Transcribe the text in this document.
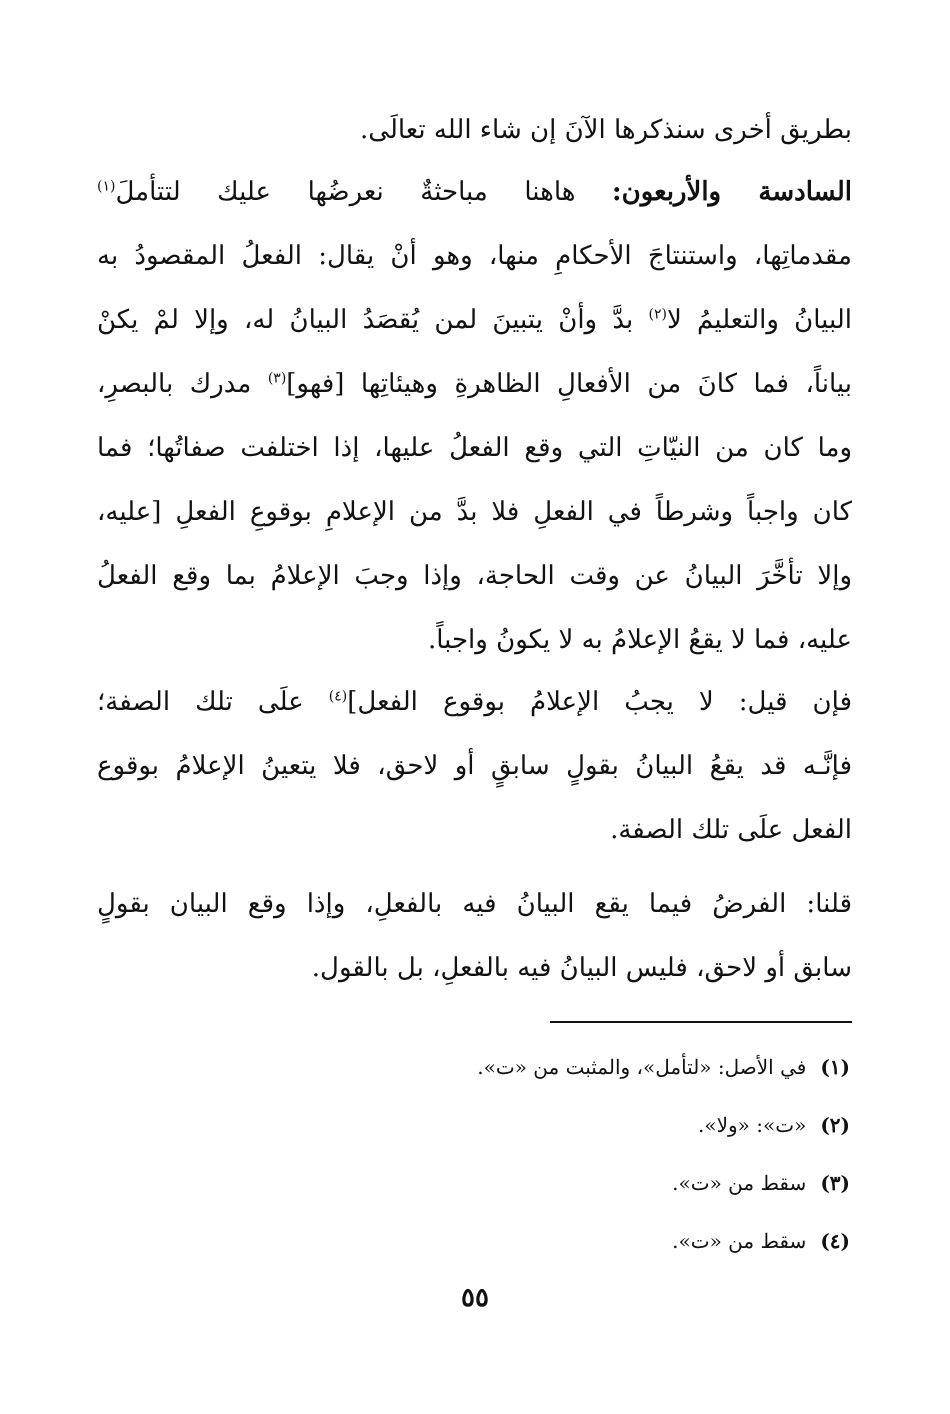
بطريق أخرى سنذكرها الآنَ إن شاء الله تعالَى.
السادسة والأربعون: هاهنا مباحثةٌ نعرضُها عليك لتتأملَ$^{(١)}$
مقدماتِها، واستنتاجَ الأحكامِ منها، وهو أنْ يقال: الفعلُ المقصودُ به
البيانُ والتعليمُ لا$^{(٢)}$ بدَّ وأنْ يتبينَ لمن يُقصَدُ البيانُ له، وإلا لمْ يكنْ
بياناً، فما كانَ من الأفعالِ الظاهرةِ وهيئاتِها [فهو]$^{(٣)}$ مدرك بالبصرِ،
وما كان من النيّاتِ التي وقع الفعلُ عليها، إذا اختلفت صفاتُها؛ فما
كان واجباً وشرطاً في الفعلِ فلا بدَّ من الإعلامِ بوقوعِ الفعلِ [عليه،
وإلا تأخَّرَ البيانُ عن وقت الحاجة، وإذا وجبَ الإعلامُ بما وقع الفعلُ
عليه، فما لا يقعُ الإعلامُ به لا يكونُ واجباً.
فإن قيل: لا يجبُ الإعلامُ بوقوع الفعل]$^{(٤)}$ علَى تلك الصفة؛
فإنَّـه قد يقعُ البيانُ بقولٍ سابقٍ أو لاحق، فلا يتعينُ الإعلامُ بوقوع
الفعل علَى تلك الصفة.
قلنا: الفرضُ فيما يقع البيانُ فيه بالفعلِ، وإذا وقع البيان بقولٍ
سابق أو لاحق، فليس البيانُ فيه بالفعلِ، بل بالقول.
(١)في الأصل: «لتأمل»، والمثبت من «ت».
(٢)«ت»: «ولا».
(٣)سقط من «ت».
(٤)سقط من «ت».
٥٥
